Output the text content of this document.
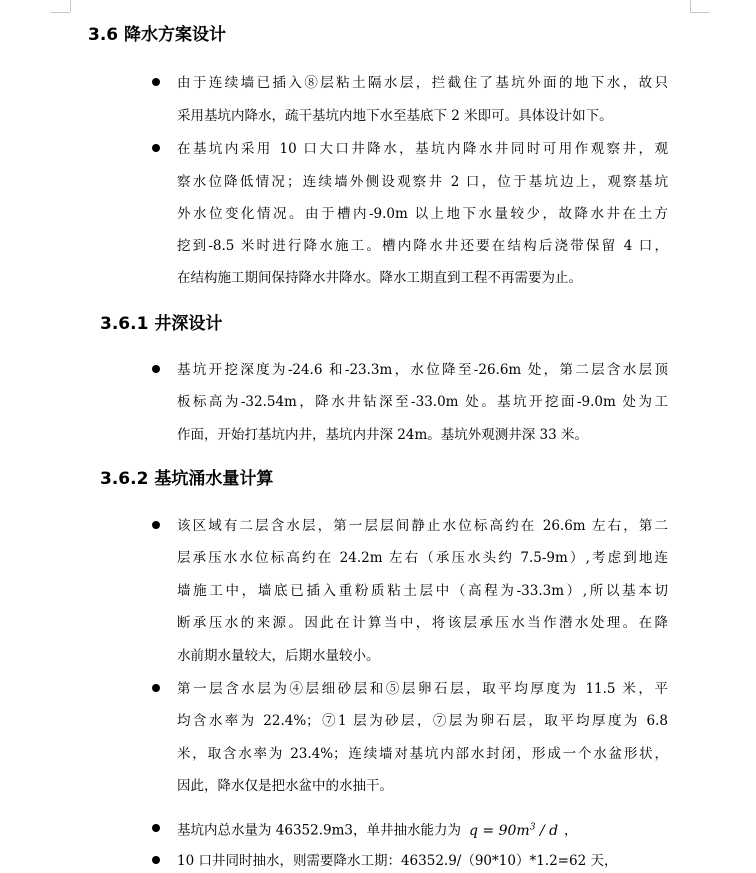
3.6 降水方案设计
由于连续墙已插入⑧层粘土隔水层，拦截住了基坑外面的地下水，故只
采用基坑内降水，疏干基坑内地下水至基底下 2 米即可。具体设计如下。
在基坑内采用 10 口大口井降水，基坑内降水井同时可用作观察井，观
察水位降低情况；连续墙外侧设观察井 2 口，位于基坑边上，观察基坑
外水位变化情况。由于槽内-9.0m 以上地下水量较少，故降水井在土方
挖到-8.5 米时进行降水施工。槽内降水井还要在结构后浇带保留 4 口，
在结构施工期间保持降水井降水。降水工期直到工程不再需要为止。
3.6.1 井深设计
基坑开挖深度为-24.6 和-23.3m，水位降至-26.6m 处，第二层含水层顶
板标高为-32.54m，降水井钻深至-33.0m 处。基坑开挖面-9.0m 处为工
作面，开始打基坑内井，基坑内井深 24m。基坑外观测井深 33 米。
3.6.2 基坑涌水量计算
该区域有二层含水层，第一层层间静止水位标高约在 26.6m 左右，第二
层承压水水位标高约在 24.2m 左右（承压水头约 7.5-9m）,考虑到地连
墙施工中，墙底已插入重粉质粘土层中（高程为-33.3m）,所以基本切
断承压水的来源。因此在计算当中，将该层承压水当作潜水处理。在降
水前期水量较大，后期水量较小。
第一层含水层为④层细砂层和⑤层卵石层，取平均厚度为 11.5 米，平
均含水率为 22.4%；⑦1 层为砂层，⑦层为卵石层，取平均厚度为 6.8
米，取含水率为 23.4%；连续墙对基坑内部水封闭，形成一个水盆形状，
因此，降水仅是把水盆中的水抽干。
基坑内总水量为 46352.9m3，单井抽水能力为 $q = 90m^3 / d$ ，
10 口井同时抽水，则需要降水工期：46352.9/（90*10）*1.2=62 天，
